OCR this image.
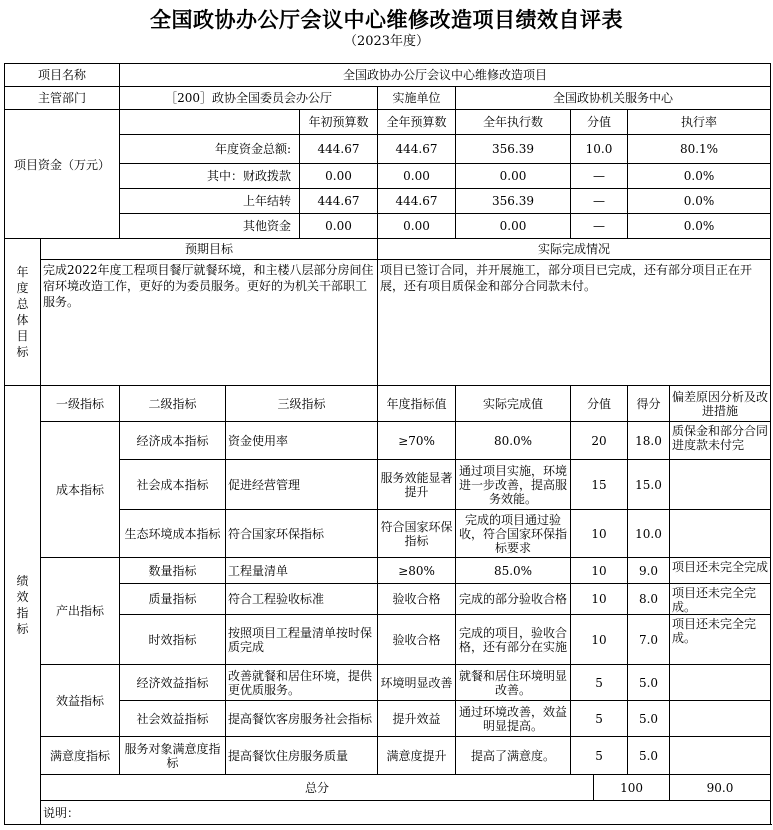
全国政协办公厅会议中心维修改造项目绩效自评表
（2023年度）
项目名称		全国政协办公厅会议中心维修改造项目									
主管部门		［200］政协全国委员会办公厅			实施单位	全国政协机关服务中心					
项目资金（万元）				年初预算数	全年预算数	全年执行数	分值		执行率		
		年度资金总额:		444.67	444.67	356.39	10.0		80.1%	
		其中：财政拨款		0.00	0.00	0.00	—		0.0%	
		上年结转		444.67	444.67	356.39	—		0.0%	
		其他资金		0.00	0.00	0.00	—		0.0%	
年度总体目标	预期目标				实际完成情况						
	完成2022年度工程项目餐厅就餐环境，和主楼八层部分房间住宿环境改造工作，更好的为委员服务。更好的为机关干部职工服务。				项目已签订合同，并开展施工，部分项目已完成，还有部分项目正在开展，还有项目质保金和部分合同款未付。						
绩效指标	一级指标	二级指标	三级指标		年度指标值	实际完成值	分值		得分	偏差原因分析及改进措施	
	成本指标	经济成本指标	资金使用率		≥70%	80.0%	20		18.0	质保金和部分合同进度款未付完	
		社会成本指标	促进经营管理		服务效能显著提升	通过项目实施，环境进一步改善，提高服务效能。	15		15.0		
		生态环境成本指标	符合国家环保指标		符合国家环保指标	完成的项目通过验收，符合国家环保指标要求	10		10.0		
	产出指标	数量指标	工程量清单		≥80%	85.0%	10		9.0	项目还未完全完成	
		质量指标	符合工程验收标准		验收合格	完成的部分验收合格	10		8.0	项目还未完全完成。	
		时效指标	按照项目工程量清单按时保质完成		验收合格	完成的项目，验收合格，还有部分在实施	10		7.0	项目还未完全完成。	
	效益指标	经济效益指标	改善就餐和居住环境，提供更优质服务。		环境明显改善	就餐和居住环境明显改善。	5		5.0		
		社会效益指标	提高餐饮客房服务社会指标		提升效益	通过环境改善，效益明显提高。	5		5.0		
	满意度指标	服务对象满意度指标	提高餐饮住房服务质量		满意度提升	提高了满意度。	5		5.0		
	总分							100		90.0	
	说明：										
